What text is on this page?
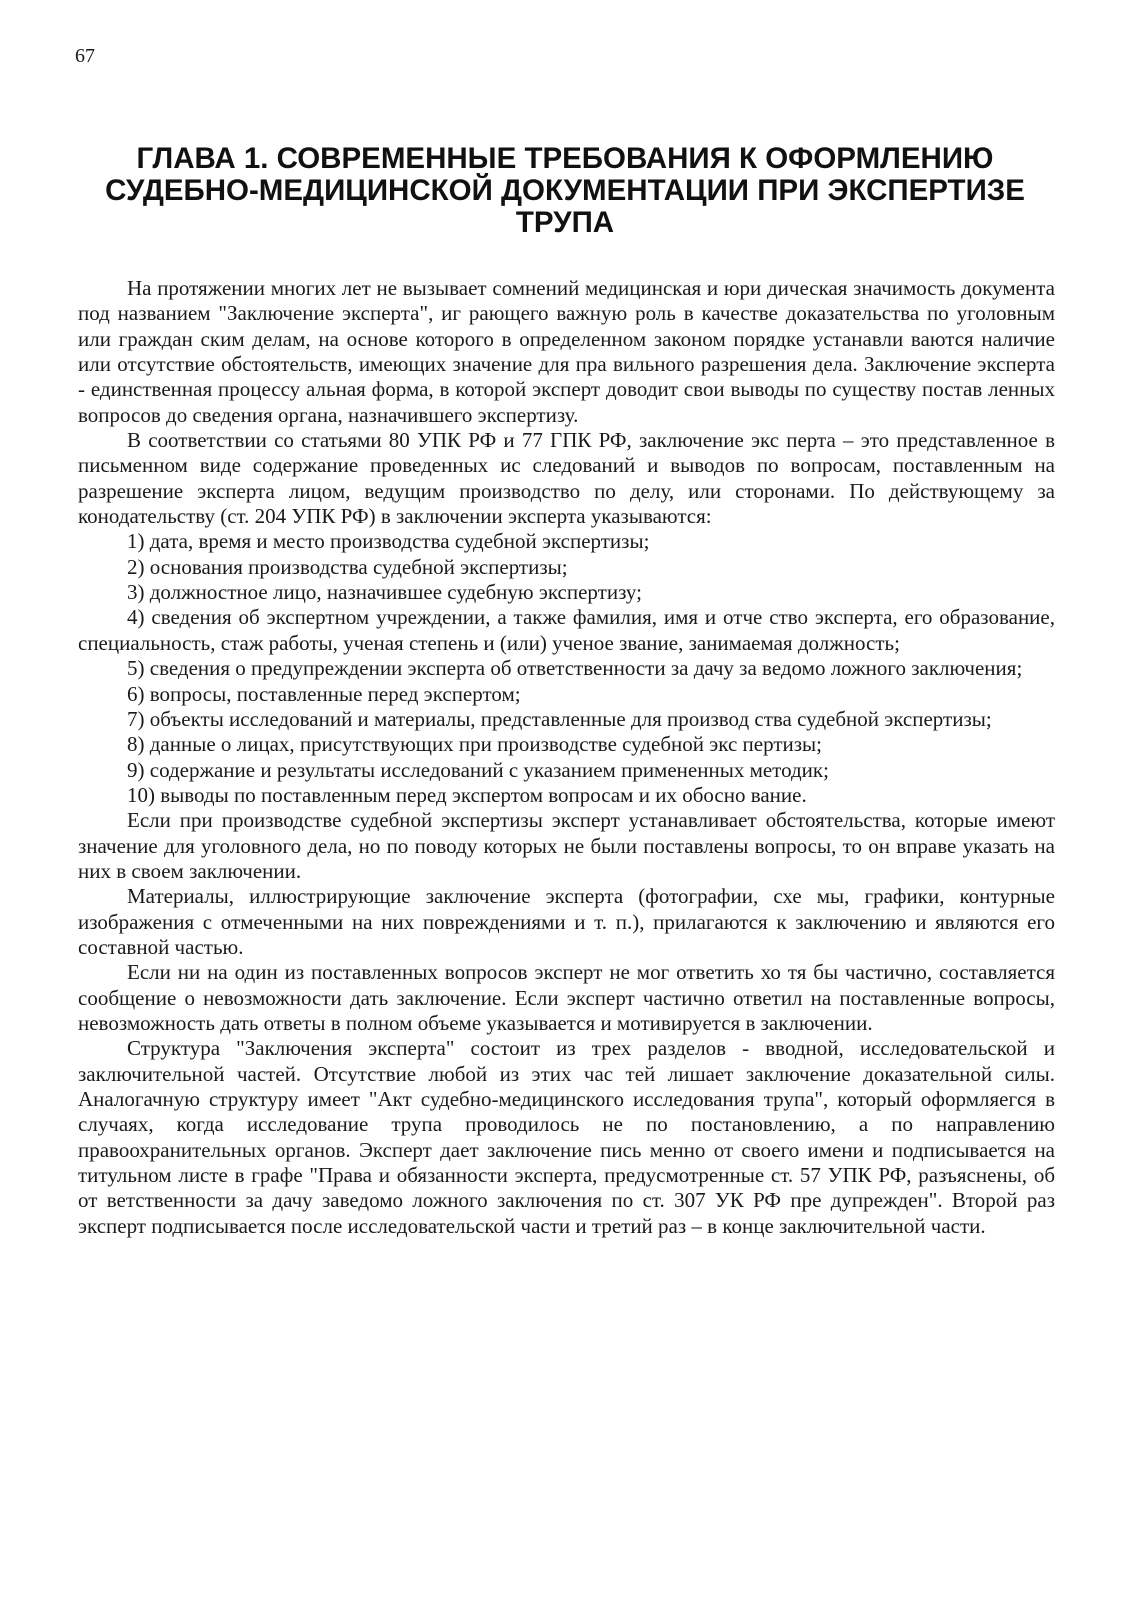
67
ГЛАВА 1. СОВРЕМЕННЫЕ ТРЕБОВАНИЯ К ОФОРМЛЕНИЮ СУДЕБНО-МЕДИЦИНСКОЙ ДОКУМЕНТАЦИИ ПРИ ЭКСПЕРТИЗЕ ТРУПА

На протяжении многих лет не вызывает сомнений медицинская и юри дическая значимость документа под названием "Заключение эксперта", иг рающего важную роль в качестве доказательства по уголовным или граждан ским делам, на основе которого в определенном законом порядке устанавли ваются наличие или отсутствие обстоятельств, имеющих значение для пра вильного разрешения дела. Заключение эксперта - единственная процессу альная форма, в которой эксперт доводит свои выводы по существу постав ленных вопросов до сведения органа, назначившего экспертизу.

В соответствии со статьями 80 УПК РФ и 77 ГПК РФ, заключение экс перта – это представленное в письменном виде содержание проведенных ис следований и выводов по вопросам, поставленным на разрешение эксперта лицом, ведущим производство по делу, или сторонами. По действующему за конодательству (ст. 204 УПК РФ) в заключении эксперта указываются:

1) дата, время и место производства судебной экспертизы;

2) основания производства судебной экспертизы;

3) должностное лицо, назначившее судебную экспертизу;

4) сведения об экспертном учреждении, а также фамилия, имя и отче ство эксперта, его образование, специальность, стаж работы, ученая степень и (или) ученое звание, занимаемая должность;

5) сведения о предупреждении эксперта об ответственности за дачу за ведомо ложного заключения;

6) вопросы, поставленные перед экспертом;

7) объекты исследований и материалы, представленные для производ ства судебной экспертизы;

8) данные о лицах, присутствующих при производстве судебной экс пертизы;

9) содержание и результаты исследований с указанием примененных методик;

10) выводы по поставленным перед экспертом вопросам и их обосно вание.

Если при производстве судебной экспертизы эксперт устанавливает обстоятельства, которые имеют значение для уголовного дела, но по поводу которых не были поставлены вопросы, то он вправе указать на них в своем заключении.

Материалы, иллюстрирующие заключение эксперта (фотографии, схе мы, графики, контурные изображения с отмеченными на них повреждениями и т. п.), прилагаются к заключению и являются его составной частью.

Если ни на один из поставленных вопросов эксперт не мог ответить хо тя бы частично, составляется сообщение о невозможности дать заключение. Если эксперт частично ответил на поставленные вопросы, невозможность дать ответы в полном объеме указывается и мотивируется в заключении.

Структура "Заключения эксперта" состоит из трех разделов - вводной, исследовательской и заключительной частей. Отсутствие любой из этих час тей лишает заключение доказательной силы. Аналогачную структуру имеет "Акт судебно-медицинского исследования трупа", который оформляегся в случаях, когда исследование трупа проводилось не по постановлению, а по направлению правоохранительных органов. Эксперт дает заключение пись менно от своего имени и подписывается на титульном листе в графе "Права и обязанности эксперта, предусмотренные ст. 57 УПК РФ, разъяснены, об от ветственности за дачу заведомо ложного заключения по ст. 307 УК РФ пре дупрежден". Второй раз эксперт подписывается после исследовательской части и третий раз – в конце заключительной части.
